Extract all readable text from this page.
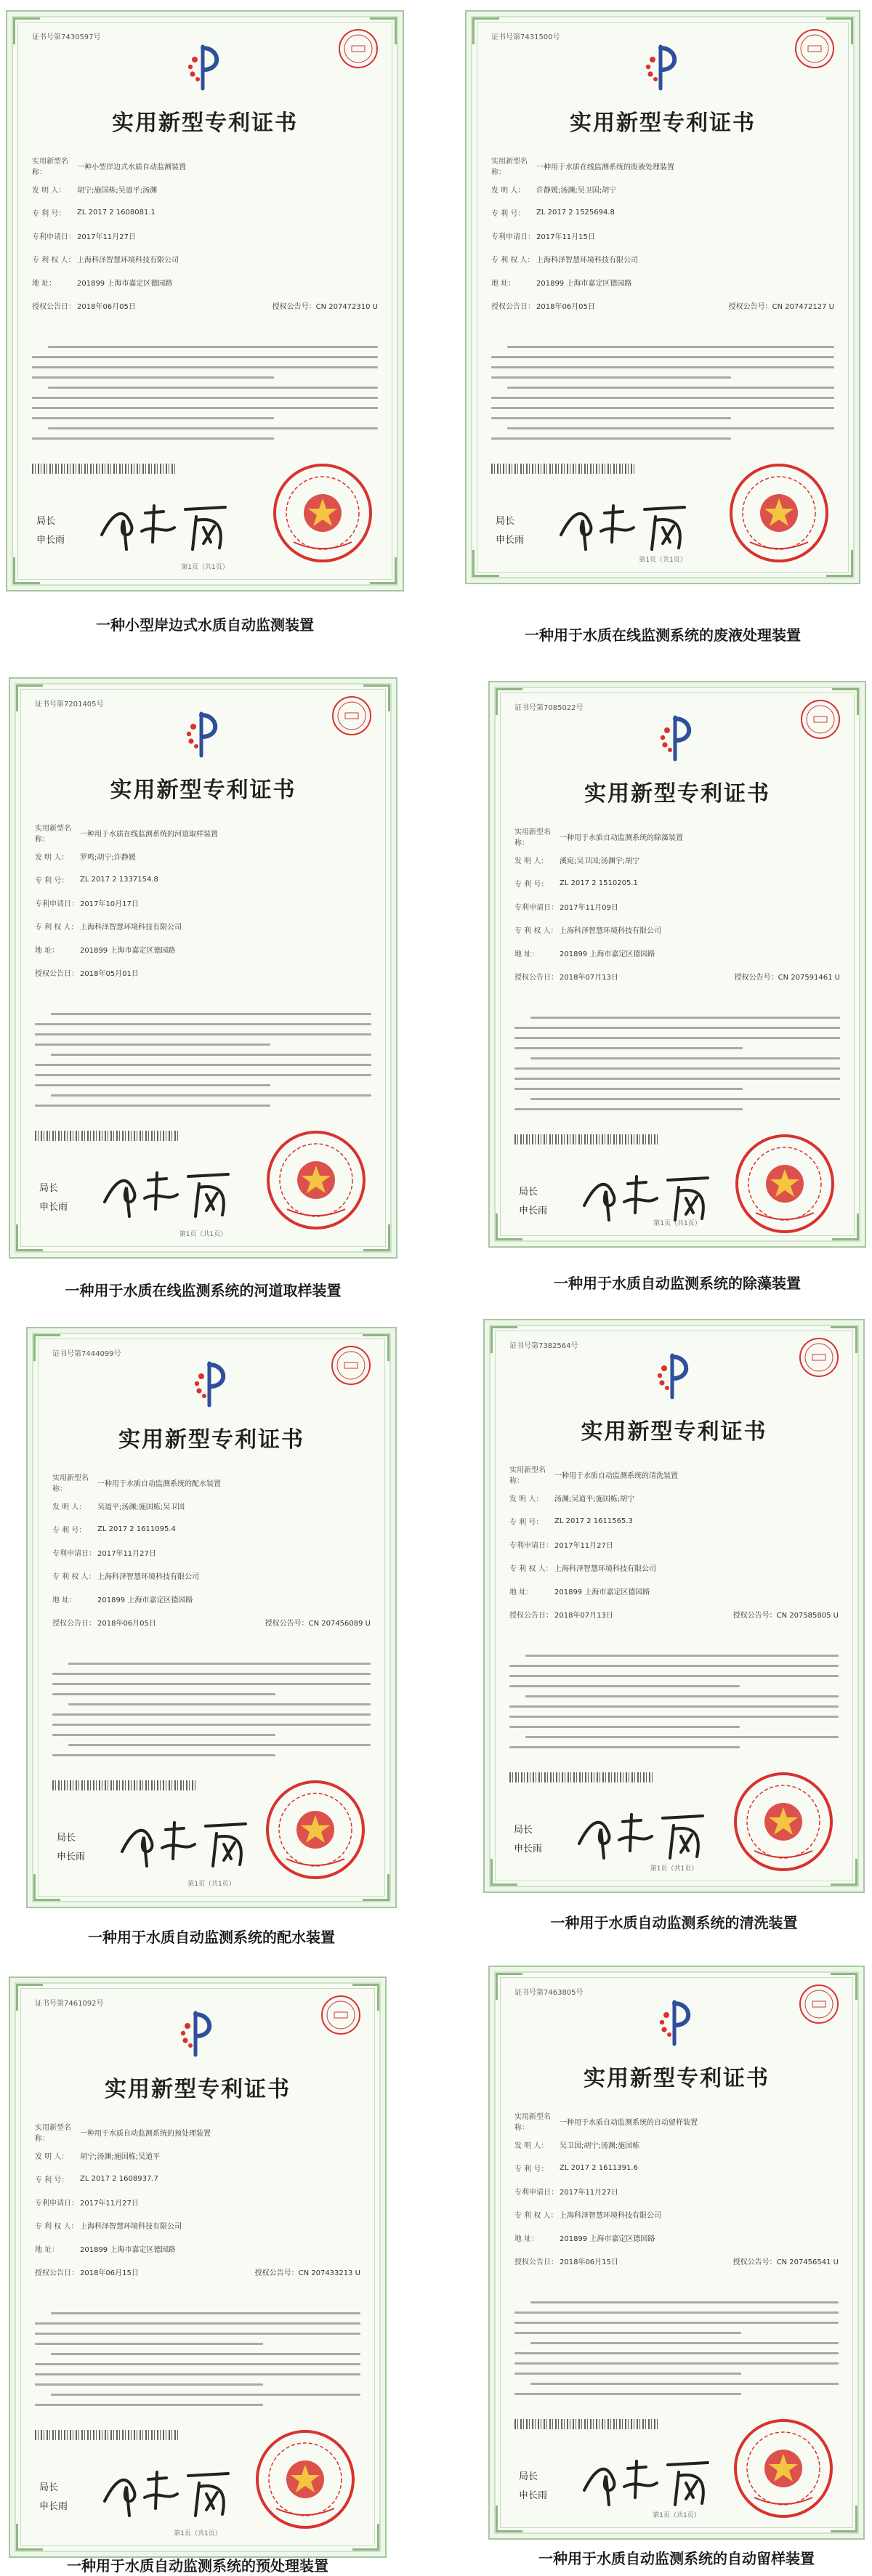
证书号第7430597号
实用新型专利证书
实用新型名称：
一种小型岸边式水质自动监测装置
发 明 人：	胡宁;施国栋;吴道平;汤渊
专 利 号：	ZL 2017 2 1608081.1
专利申请日： 2017年11月27日
专 利 权 人： 上海科泽智慧环境科技有限公司
地 址：	201899 上海市嘉定区德园路
授权公告日： 2018年06月05日	授权公告号：CN 207472310 U
局长
申长雨
第1页（共1页）
一种小型岸边式水质自动监测装置
证书号第7431500号
实用新型专利证书
实用新型名称：
一种用于水质在线监测系统的废液处理装置
发 明 人：	许静媛;汤渊;吴卫国;胡宁
专 利 号：	ZL 2017 2 1525694.8
专利申请日： 2017年11月15日
专 利 权 人： 上海科泽智慧环境科技有限公司
地 址：	201899 上海市嘉定区德园路
授权公告日： 2018年06月05日	授权公告号：CN 207472127 U
局长
申长雨
第1页（共1页）
一种用于水质在线监测系统的废液处理装置
证书号第7201405号
实用新型专利证书
实用新型名称：
一种用于水质在线监测系统的河道取样装置
发 明 人：	罗鸣;胡宁;许静媛
专 利 号：	ZL 2017 2 1337154.8
专利申请日： 2017年10月17日
专 利 权 人： 上海科泽智慧环境科技有限公司
地 址：	201899 上海市嘉定区德园路
授权公告日： 2018年05月01日
局长
申长雨
第1页（共1页）
一种用于水质在线监测系统的河道取样装置
证书号第7085022号
实用新型专利证书
实用新型名称：
一种用于水质自动监测系统的除藻装置
发 明 人：	溪宛;吴卫国;汤渊宇;胡宁
专 利 号：	ZL 2017 2 1510205.1
专利申请日： 2017年11月09日
专 利 权 人： 上海科泽智慧环境科技有限公司
地 址：	201899 上海市嘉定区德园路
授权公告日： 2018年07月13日	授权公告号：CN 207591461 U
局长
申长雨
第1页（共1页）
一种用于水质自动监测系统的除藻装置
证书号第7444099号
实用新型专利证书
实用新型名称：
一种用于水质自动监测系统的配水装置
发 明 人：	吴道平;汤渊;施国栋;吴卫国
专 利 号：	ZL 2017 2 1611095.4
专利申请日： 2017年11月27日
专 利 权 人： 上海科泽智慧环境科技有限公司
地 址：	201899 上海市嘉定区德园路
授权公告日： 2018年06月05日	授权公告号：CN 207456089 U
局长
申长雨
第1页（共1页）
一种用于水质自动监测系统的配水装置
证书号第7382564号
实用新型专利证书
实用新型名称：
一种用于水质自动监测系统的清洗装置
发 明 人：	汤渊;吴道平;施国栋;胡宁
专 利 号：	ZL 2017 2 1611565.3
专利申请日： 2017年11月27日
专 利 权 人： 上海科泽智慧环境科技有限公司
地 址：	201899 上海市嘉定区德园路
授权公告日： 2018年07月13日	授权公告号：CN 207585805 U
局长
申长雨
第1页（共1页）
一种用于水质自动监测系统的清洗装置
证书号第7461092号
实用新型专利证书
实用新型名称：
一种用于水质自动监测系统的预处理装置
发 明 人：	胡宁;汤渊;施国栋;吴道平
专 利 号：	ZL 2017 2 1608937.7
专利申请日： 2017年11月27日
专 利 权 人： 上海科泽智慧环境科技有限公司
地 址：	201899 上海市嘉定区德园路
授权公告日： 2018年06月15日	授权公告号：CN 207433213 U
局长
申长雨
第1页（共1页）
一种用于水质自动监测系统的预处理装置
证书号第7463805号
实用新型专利证书
实用新型名称：
一种用于水质自动监测系统的自动留样装置
发 明 人：	吴卫国;胡宁;汤渊;施国栋
专 利 号：	ZL 2017 2 1611391.6
专利申请日： 2017年11月27日
专 利 权 人： 上海科泽智慧环境科技有限公司
地 址：	201899 上海市嘉定区德园路
授权公告日： 2018年06月15日	授权公告号：CN 207456541 U
局长
申长雨
第1页（共1页）
一种用于水质自动监测系统的自动留样装置
